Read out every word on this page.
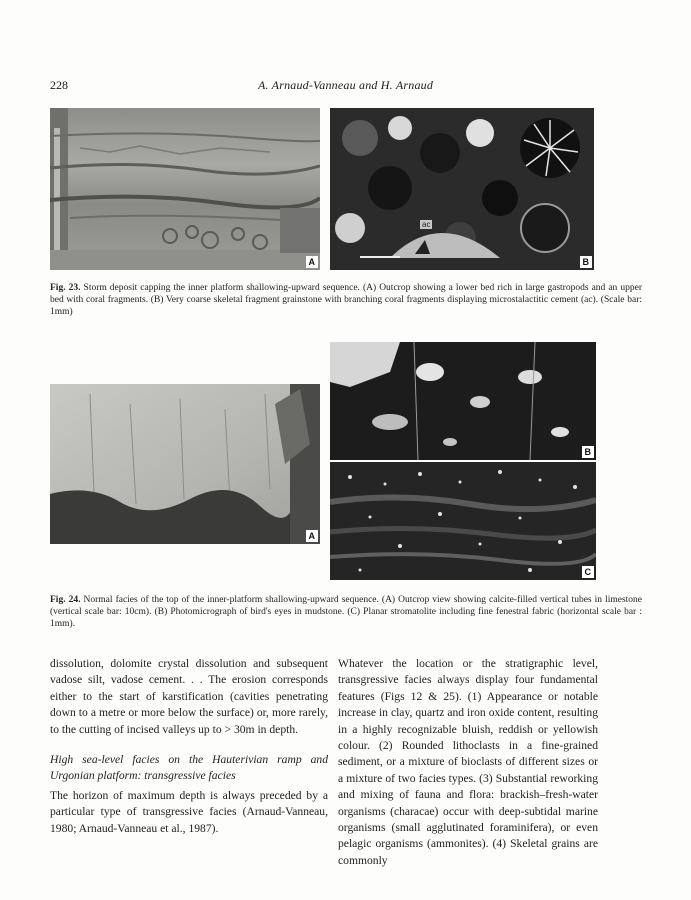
228	A. Arnaud-Vanneau and H. Arnaud
A
ac
B
Fig. 23. Storm deposit capping the inner platform shallowing-upward sequence. (A) Outcrop showing a lower bed rich in large gastropods and an upper bed with coral fragments. (B) Very coarse skeletal fragment grainstone with branching coral fragments displaying microstalactitic cement (ac). (Scale bar: 1mm)
A
B
C
Fig. 24. Normal facies of the top of the inner-platform shallowing-upward sequence. (A) Outcrop view showing calcite-filled vertical tubes in limestone (vertical scale bar: 10cm). (B) Photomicrograph of bird's eyes in mudstone. (C) Planar stromatolite including fine fenestral fabric (horizontal scale bar : 1mm).

dissolution, dolomite crystal dissolution and subsequent vadose silt, vadose cement. . . The erosion corresponds either to the start of karstification (cavities penetrating down to a metre or more below the surface) or, more rarely, to the cutting of incised valleys up to > 30m in depth.

High sea-level facies on the Hauterivian ramp and Urgonian platform: transgressive facies

The horizon of maximum depth is always preceded by a particular type of transgressive facies (Arnaud-Vanneau, 1980; Arnaud-Vanneau et al., 1987).

Whatever the location or the stratigraphic level, transgressive facies always display four fundamental features (Figs 12 & 25). (1) Appearance or notable increase in clay, quartz and iron oxide content, resulting in a highly recognizable bluish, reddish or yellowish colour. (2) Rounded lithoclasts in a fine-grained sediment, or a mixture of bioclasts of different sizes or a mixture of two facies types. (3) Substantial reworking and mixing of fauna and flora: brackish–fresh-water organisms (characae) occur with deep-subtidal marine organisms (small agglutinated foraminifera), or even pelagic organisms (ammonites). (4) Skeletal grains are commonly
